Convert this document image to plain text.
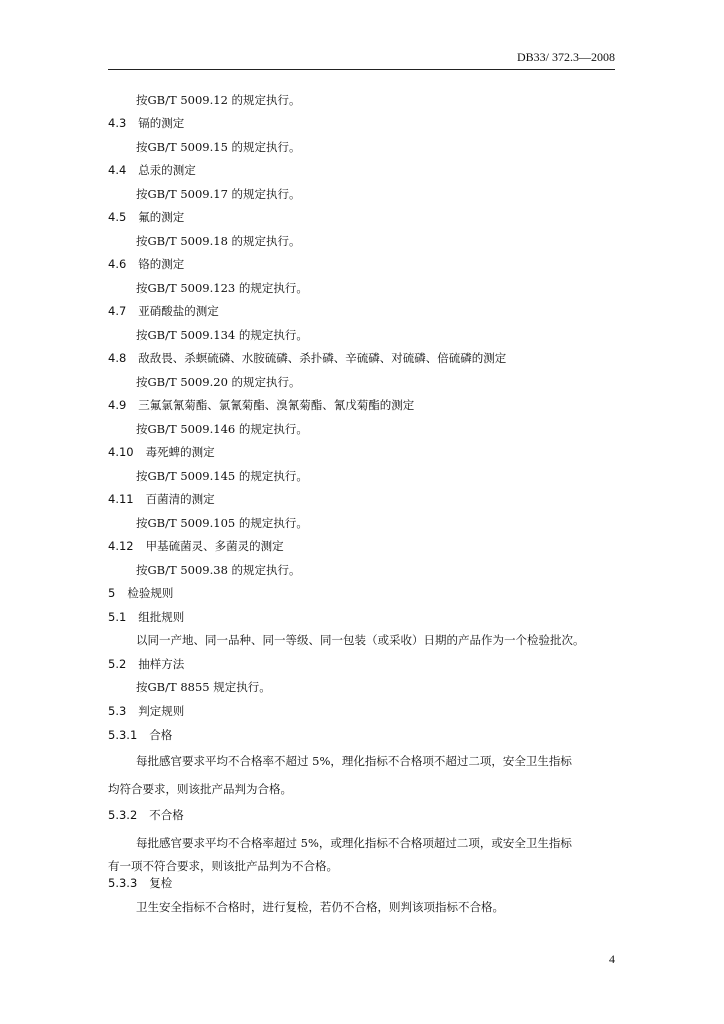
DB33/ 372.3—2008
按GB/T 5009.12 的规定执行。
4.3 镉的测定
按GB/T 5009.15 的规定执行。
4.4 总汞的测定
按GB/T 5009.17 的规定执行。
4.5 氟的测定
按GB/T 5009.18 的规定执行。
4.6 铬的测定
按GB/T 5009.123 的规定执行。
4.7 亚硝酸盐的测定
按GB/T 5009.134 的规定执行。
4.8 敌敌畏、杀螟硫磷、水胺硫磷、杀扑磷、辛硫磷、对硫磷、倍硫磷的测定
按GB/T 5009.20 的规定执行。
4.9 三氟氯氰菊酯、氯氰菊酯、溴氰菊酯、氰戊菊酯的测定
按GB/T 5009.146 的规定执行。
4.10 毒死蜱的测定
按GB/T 5009.145 的规定执行。
4.11 百菌清的测定
按GB/T 5009.105 的规定执行。
4.12 甲基硫菌灵、多菌灵的测定
按GB/T 5009.38 的规定执行。
5 检验规则
5.1 组批规则
以同一产地、同一品种、同一等级、同一包装（或采收）日期的产品作为一个检验批次。
5.2 抽样方法
按GB/T 8855 规定执行。
5.3 判定规则
5.3.1 合格
每批感官要求平均不合格率不超过 5%，理化指标不合格项不超过二项，安全卫生指标
均符合要求，则该批产品判为合格。
5.3.2 不合格
每批感官要求平均不合格率超过 5%，或理化指标不合格项超过二项，或安全卫生指标
有一项不符合要求，则该批产品判为不合格。
5.3.3 复检
卫生安全指标不合格时，进行复检，若仍不合格，则判该项指标不合格。
4
